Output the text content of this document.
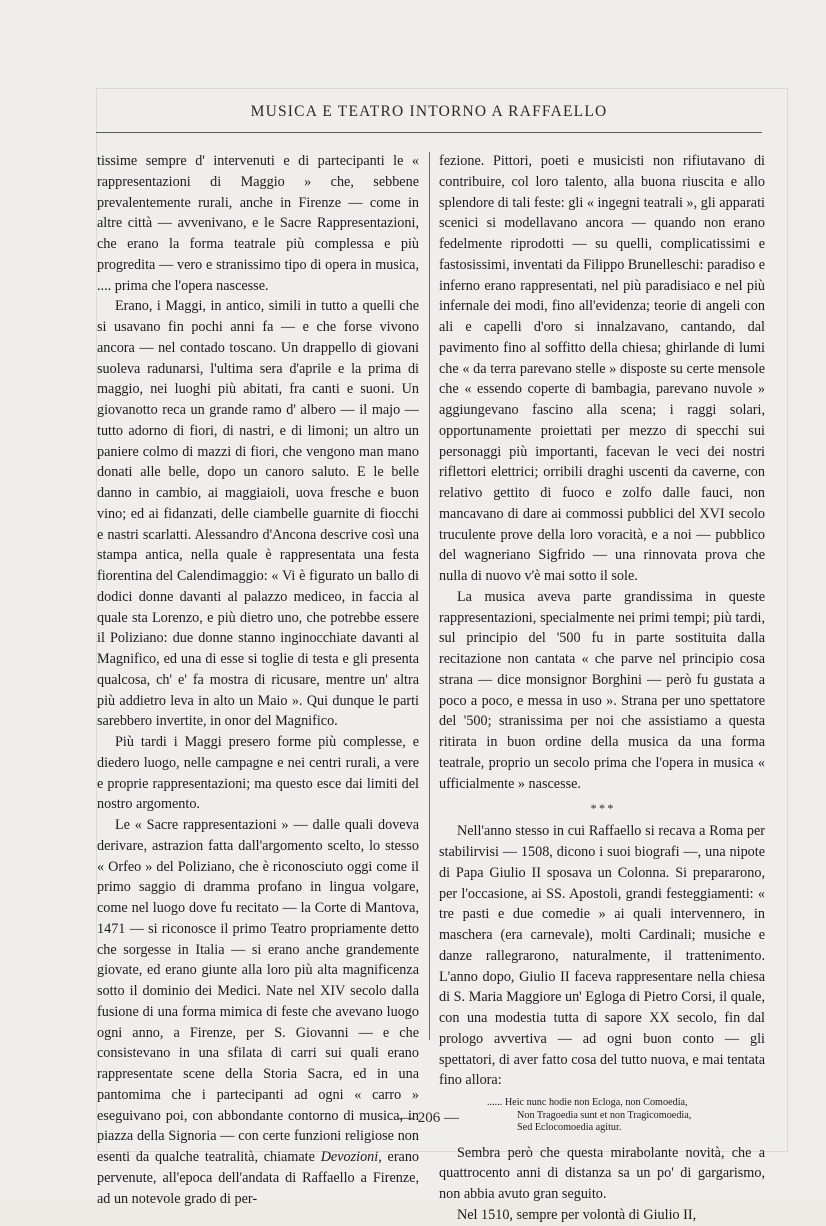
MUSICA E TEATRO INTORNO A RAFFAELLO

tissime sempre d' intervenuti e di partecipanti le « rappresentazioni di Maggio » che, sebbene prevalentemente rurali, anche in Firenze — come in altre città — avvenivano, e le Sacre Rappresentazioni, che erano la forma teatrale più complessa e più progredita — vero e stranissimo tipo di opera in musica, .... prima che l'opera nascesse.

Erano, i Maggi, in antico, simili in tutto a quelli che si usavano fin pochi anni fa — e che forse vivono ancora — nel contado toscano. Un drappello di giovani suoleva radunarsi, l'ultima sera d'aprile e la prima di maggio, nei luoghi più abitati, fra canti e suoni. Un giovanotto reca un grande ramo d' albero — il majo — tutto adorno di fiori, di nastri, e di limoni; un altro un paniere colmo di mazzi di fiori, che vengono man mano donati alle belle, dopo un canoro saluto. E le belle danno in cambio, ai maggiaioli, uova fresche e buon vino; ed ai fidanzati, delle ciambelle guarnite di fiocchi e nastri scarlatti. Alessandro d'Ancona descrive così una stampa antica, nella quale è rappresentata una festa fiorentina del Calendimaggio: « Vi è figurato un ballo di dodici donne davanti al palazzo mediceo, in faccia al quale sta Lorenzo, e più dietro uno, che potrebbe essere il Poliziano: due donne stanno inginocchiate davanti al Magnifico, ed una di esse si toglie di testa e gli presenta qualcosa, ch' e' fa mostra di ricusare, mentre un' altra più addietro leva in alto un Maio ». Qui dunque le parti sarebbero invertite, in onor del Magnifico.

Più tardi i Maggi presero forme più complesse, e diedero luogo, nelle campagne e nei centri rurali, a vere e proprie rappresentazioni; ma questo esce dai limiti del nostro argomento.

Le « Sacre rappresentazioni » — dalle quali doveva derivare, astrazion fatta dall'argomento scelto, lo stesso « Orfeo » del Poliziano, che è riconosciuto oggi come il primo saggio di dramma profano in lingua volgare, come nel luogo dove fu recitato — la Corte di Mantova, 1471 — si riconosce il primo Teatro propriamente detto che sorgesse in Italia — si erano anche grandemente giovate, ed erano giunte alla loro più alta magnificenza sotto il dominio dei Medici. Nate nel XIV secolo dalla fusione di una forma mimica di feste che avevano luogo ogni anno, a Firenze, per S. Giovanni — e che consistevano in una sfilata di carri sui quali erano rappresentate scene della Storia Sacra, ed in una pantomima che i partecipanti ad ogni « carro » eseguivano poi, con abbondante contorno di musica, in piazza della Signoria — con certe funzioni religiose non esenti da qualche teatralità, chiamate Devozioni, erano pervenute, all'epoca dell'andata di Raffaello a Firenze, ad un notevole grado di per-

fezione. Pittori, poeti e musicisti non rifiutavano di contribuire, col loro talento, alla buona riuscita e allo splendore di tali feste: gli « ingegni teatrali », gli apparati scenici si modellavano ancora — quando non erano fedelmente riprodotti — su quelli, complicatissimi e fastosissimi, inventati da Filippo Brunelleschi: paradiso e inferno erano rappresentati, nel più paradisiaco e nel più infernale dei modi, fino all'evidenza; teorie di angeli con ali e capelli d'oro si innalzavano, cantando, dal pavimento fino al soffitto della chiesa; ghirlande di lumi che « da terra parevano stelle » disposte su certe mensole che « essendo coperte di bambagia, parevano nuvole » aggiungevano fascino alla scena; i raggi solari, opportunamente proiettati per mezzo di specchi sui personaggi più importanti, facevan le veci dei nostri riflettori elettrici; orribili draghi uscenti da caverne, con relativo gettito di fuoco e zolfo dalle fauci, non mancavano di dare ai commossi pubblici del XVI secolo truculente prove della loro voracità, e a noi — pubblico del wagneriano Sigfrido — una rinnovata prova che nulla di nuovo v'è mai sotto il sole.

La musica aveva parte grandissima in queste rappresentazioni, specialmente nei primi tempi; più tardi, sul principio del '500 fu in parte sostituita dalla recitazione non cantata « che parve nel principio cosa strana — dice monsignor Borghini — però fu gustata a poco a poco, e messa in uso ». Strana per uno spettatore del '500; stranissima per noi che assistiamo a questa ritirata in buon ordine della musica da una forma teatrale, proprio un secolo prima che l'opera in musica « ufficialmente » nascesse.

* * *

Nell'anno stesso in cui Raffaello si recava a Roma per stabilirvisi — 1508, dicono i suoi biografi —, una nipote di Papa Giulio II sposava un Colonna. Si prepararono, per l'occasione, ai SS. Apostoli, grandi festeggiamenti: « tre pasti e due comedie » ai quali intervennero, in maschera (era carnevale), molti Cardinali; musiche e danze rallegrarono, naturalmente, il trattenimento. L'anno dopo, Giulio II faceva rappresentare nella chiesa di S. Maria Maggiore un' Egloga di Pietro Corsi, il quale, con una modestia tutta di sapore XX secolo, fin dal prologo avvertiva — ad ogni buon conto — gli spettatori, di aver fatto cosa del tutto nuova, e mai tentata fino allora:

...... Heic nunc hodie non Ecloga, non Comoedia,
Non Tragoedia sunt et non Tragicomoedia,
Sed Eclocomoedia agitur.

Sembra però che questa mirabolante novità, che a quattrocento anni di distanza sa un po' di gargarismo, non abbia avuto gran seguito.

Nel 1510, sempre per volontà di Giulio II,

— 206 —
